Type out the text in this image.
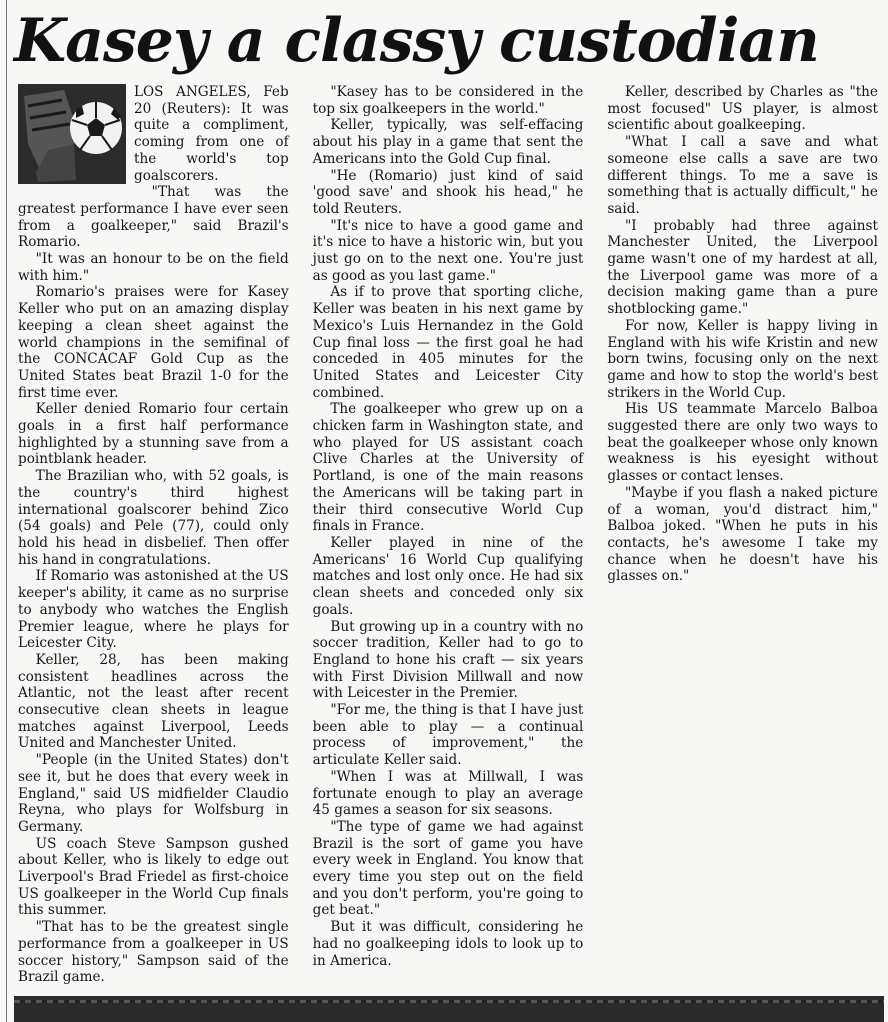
Kasey a classy custodian

LOS ANGELES, Feb 20 (Reuters): It was quite a compliment, coming from one of the world's top goalscorers.

"That was the greatest performance I have ever seen from a goalkeeper," said Brazil's Romario.

"It was an honour to be on the field with him."

Romario's praises were for Kasey Keller who put on an amazing display keeping a clean sheet against the world champions in the semifinal of the CONCACAF Gold Cup as the United States beat Brazil 1-0 for the first time ever.

Keller denied Romario four certain goals in a first half performance highlighted by a stunning save from a pointblank header.

The Brazilian who, with 52 goals, is the country's third highest international goalscorer behind Zico (54 goals) and Pele (77), could only hold his head in disbelief. Then offer his hand in congratulations.

If Romario was astonished at the US keeper's ability, it came as no surprise to anybody who watches the English Premier league, where he plays for Leicester City.

Keller, 28, has been making consistent headlines across the Atlantic, not the least after recent consecutive clean sheets in league matches against Liverpool, Leeds United and Manchester United.

"People (in the United States) don't see it, but he does that every week in England," said US midfielder Claudio Reyna, who plays for Wolfsburg in Germany.

US coach Steve Sampson gushed about Keller, who is likely to edge out Liverpool's Brad Friedel as first-choice US goalkeeper in the World Cup finals this summer.

"That has to be the greatest single performance from a goalkeeper in US soccer history," Sampson said of the Brazil game.

"Kasey has to be considered in the top six goalkeepers in the world."

Keller, typically, was self-effacing about his play in a game that sent the Americans into the Gold Cup final.

"He (Romario) just kind of said 'good save' and shook his head," he told Reuters.

"It's nice to have a good game and it's nice to have a historic win, but you just go on to the next one. You're just as good as you last game."

As if to prove that sporting cliche, Keller was beaten in his next game by Mexico's Luis Hernandez in the Gold Cup final loss — the first goal he had conceded in 405 minutes for the United States and Leicester City combined.

The goalkeeper who grew up on a chicken farm in Washington state, and who played for US assistant coach Clive Charles at the University of Portland, is one of the main reasons the Americans will be taking part in their third consecutive World Cup finals in France.

Keller played in nine of the Americans' 16 World Cup qualifying matches and lost only once. He had six clean sheets and conceded only six goals.

But growing up in a country with no soccer tradition, Keller had to go to England to hone his craft — six years with First Division Millwall and now with Leicester in the Premier.

"For me, the thing is that I have just been able to play — a continual process of improvement," the articulate Keller said.

"When I was at Millwall, I was fortunate enough to play an average 45 games a season for six seasons.

"The type of game we had against Brazil is the sort of game you have every week in England. You know that every time you step out on the field and you don't perform, you're going to get beat."

But it was difficult, considering he had no goalkeeping idols to look up to in America.

Keller, described by Charles as "the most focused" US player, is almost scientific about goalkeeping.

"What I call a save and what someone else calls a save are two different things. To me a save is something that is actually difficult," he said.

"I probably had three against Manchester United, the Liverpool game wasn't one of my hardest at all, the Liverpool game was more of a decision making game than a pure shotblocking game."

For now, Keller is happy living in England with his wife Kristin and new born twins, focusing only on the next game and how to stop the world's best strikers in the World Cup.

His US teammate Marcelo Balboa suggested there are only two ways to beat the goalkeeper whose only known weakness is his eyesight without glasses or contact lenses.

"Maybe if you flash a naked picture of a woman, you'd distract him," Balboa joked. "When he puts in his contacts, he's awesome I take my chance when he doesn't have his glasses on."
